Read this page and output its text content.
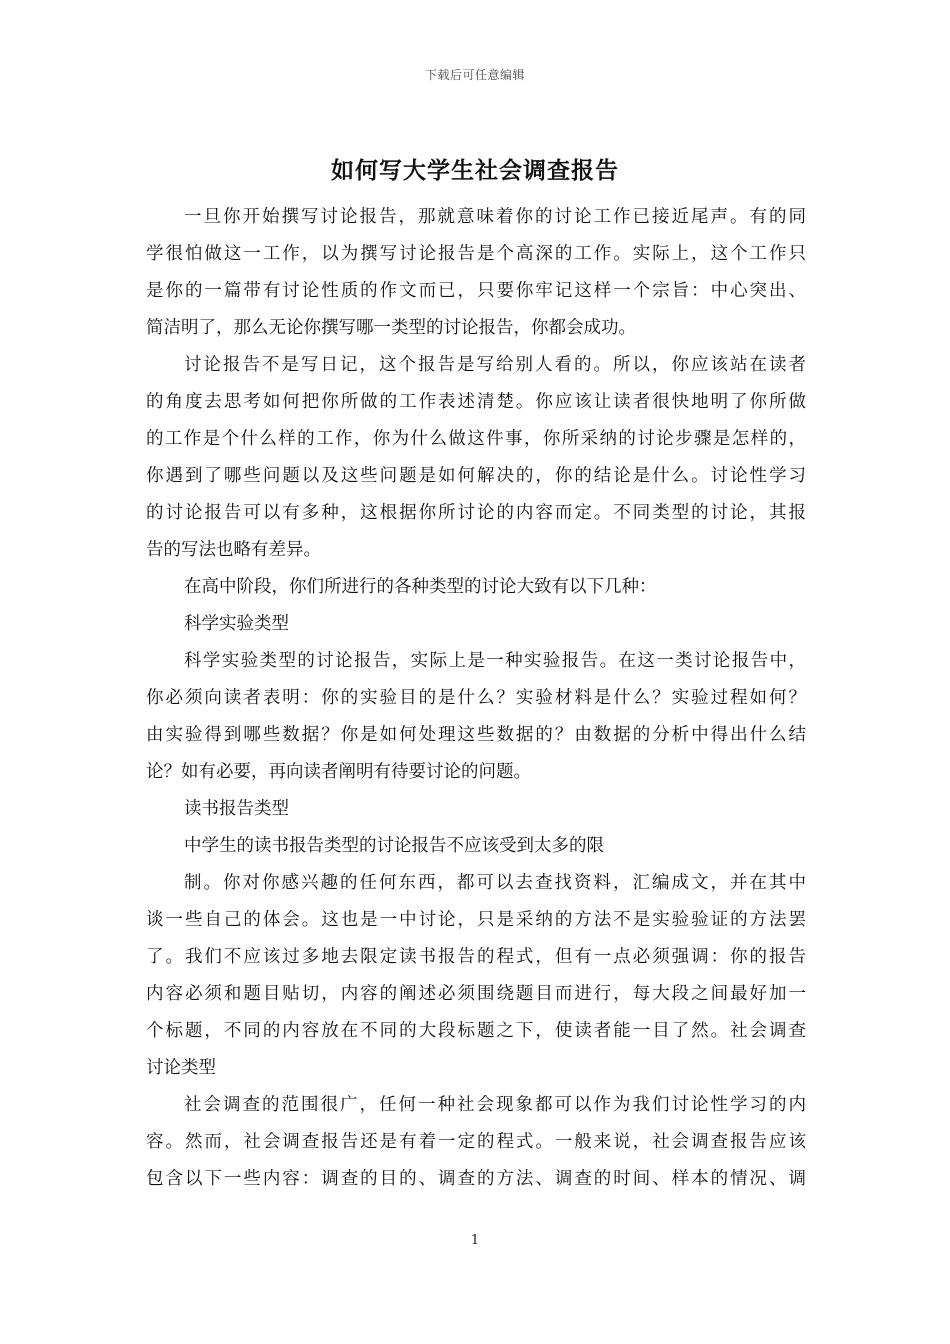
下载后可任意编辑
如何写大学生社会调查报告
一旦你开始撰写讨论报告，那就意味着你的讨论工作已接近尾声。有的同
学很怕做这一工作，以为撰写讨论报告是个高深的工作。实际上，这个工作只
是你的一篇带有讨论性质的作文而已，只要你牢记这样一个宗旨：中心突出、
简洁明了，那么无论你撰写哪一类型的讨论报告，你都会成功。
讨论报告不是写日记，这个报告是写给别人看的。所以，你应该站在读者
的角度去思考如何把你所做的工作表述清楚。你应该让读者很快地明了你所做
的工作是个什么样的工作，你为什么做这件事，你所采纳的讨论步骤是怎样的，
你遇到了哪些问题以及这些问题是如何解决的，你的结论是什么。讨论性学习
的讨论报告可以有多种，这根据你所讨论的内容而定。不同类型的讨论，其报
告的写法也略有差异。
在高中阶段，你们所进行的各种类型的讨论大致有以下几种：
科学实验类型
科学实验类型的讨论报告，实际上是一种实验报告。在这一类讨论报告中，
你必须向读者表明：你的实验目的是什么？实验材料是什么？实验过程如何？
由实验得到哪些数据？你是如何处理这些数据的？由数据的分析中得出什么结
论？如有必要，再向读者阐明有待要讨论的问题。
读书报告类型
中学生的读书报告类型的讨论报告不应该受到太多的限
制。你对你感兴趣的任何东西，都可以去查找资料，汇编成文，并在其中
谈一些自己的体会。这也是一中讨论，只是采纳的方法不是实验验证的方法罢
了。我们不应该过多地去限定读书报告的程式，但有一点必须强调：你的报告
内容必须和题目贴切，内容的阐述必须围绕题目而进行，每大段之间最好加一
个标题，不同的内容放在不同的大段标题之下，使读者能一目了然。社会调查
讨论类型
社会调查的范围很广，任何一种社会现象都可以作为我们讨论性学习的内
容。然而，社会调查报告还是有着一定的程式。一般来说，社会调查报告应该
包含以下一些内容：调查的目的、调查的方法、调查的时间、样本的情况、调
1
